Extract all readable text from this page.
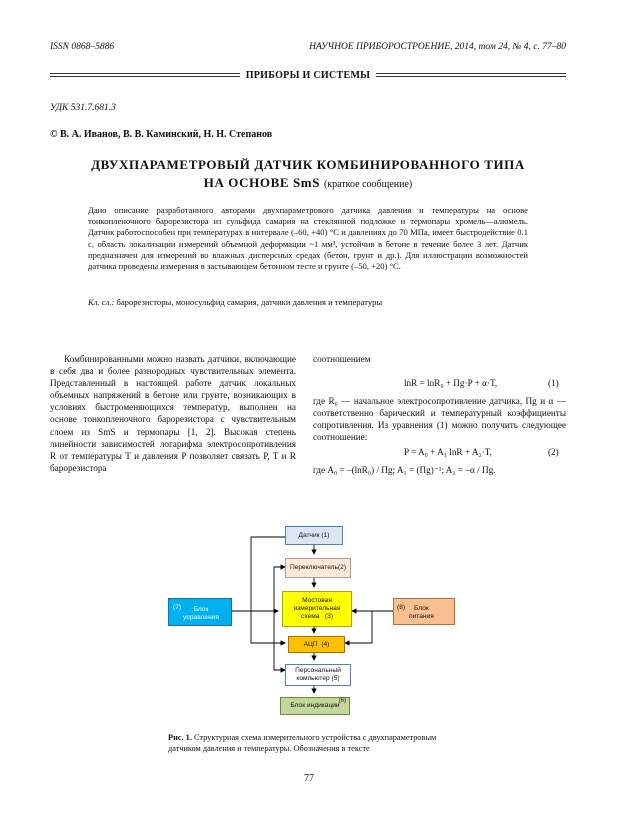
ISSN 0868–5886	НАУЧНОЕ ПРИБОРОСТРОЕНИЕ, 2014, том 24, № 4, с. 77–80
ПРИБОРЫ И СИСТЕМЫ
УДК 531.7.681.3
© В. А. Иванов, В. В. Каминский, Н. Н. Степанов
ДВУХПАРАМЕТРОВЫЙ ДАТЧИК КОМБИНИРОВАННОГО ТИПА
НА ОСНОВЕ SmS (краткое сообщение)
Дано описание разработанного авторами двухпараметрового датчика давления и температуры на основе тонкопленочного барорезистора из сульфида самария на стеклянной подложке и термопары хромель—алюмель. Датчик работоспособен при температурах в интервале (–60, +40) °С и давлениях до 70 МПа, имеет быстродействие 0.1 с, область локализации измерений объемной деформации ~1 мм³, устойчив в бетоне в течение более 3 лет. Датчик предназначен для измерений во влажных дисперсных средах (бетон, грунт и др.). Для иллюстрации возможностей датчика проведены измерения в застывающем бетонном тесте и грунте (–50, +20) °С.
Кл. сл.: барорезисторы, моносульфид самария, датчики давления и температуры
Комбинированными можно назвать датчики, включающие в себя два и более разнородных чувствительных элемента. Представленный в настоящей работе датчик локальных объемных напряжений в бетоне или грунте, возникающих в условиях быстроменяющихся температур, выполнен на основе тонкопленочного барорезистора с чувствительным слоем из SmS и термопары [1, 2]. Высокая степень линейности зависимостей логарифма электросопротивления R от температуры T и давления P позволяет связать P, T и R барорезистора
соотношением
lnR = lnR₀ + Пg·P + α·T,	(1)
где R₀ — начальное электросопротивление датчика, Пg и α — соответственно барический и температурный коэффициенты сопротивления. Из уравнения (1) можно получить следующее соотношение:
P = A₀ + A₁ lnR + A₂·T,	(2)
где A₀ = –(lnR₀) / Пg; A₁ = (Пg)⁻¹; A₂ = –α / Пg.
Датчик
(1)
Переключатель (2)
Мостовая
измерительная
схема (3)
АЦП
(4)
Персональный
компьютер (5)
Блок индикации
(6)
(7)	Блок
управления
(8)	Блок
питания
Рис. 1. Структурная схема измерительного устройства с двухпараметровым датчиком давления и температуры. Обозначения в тексте
77
